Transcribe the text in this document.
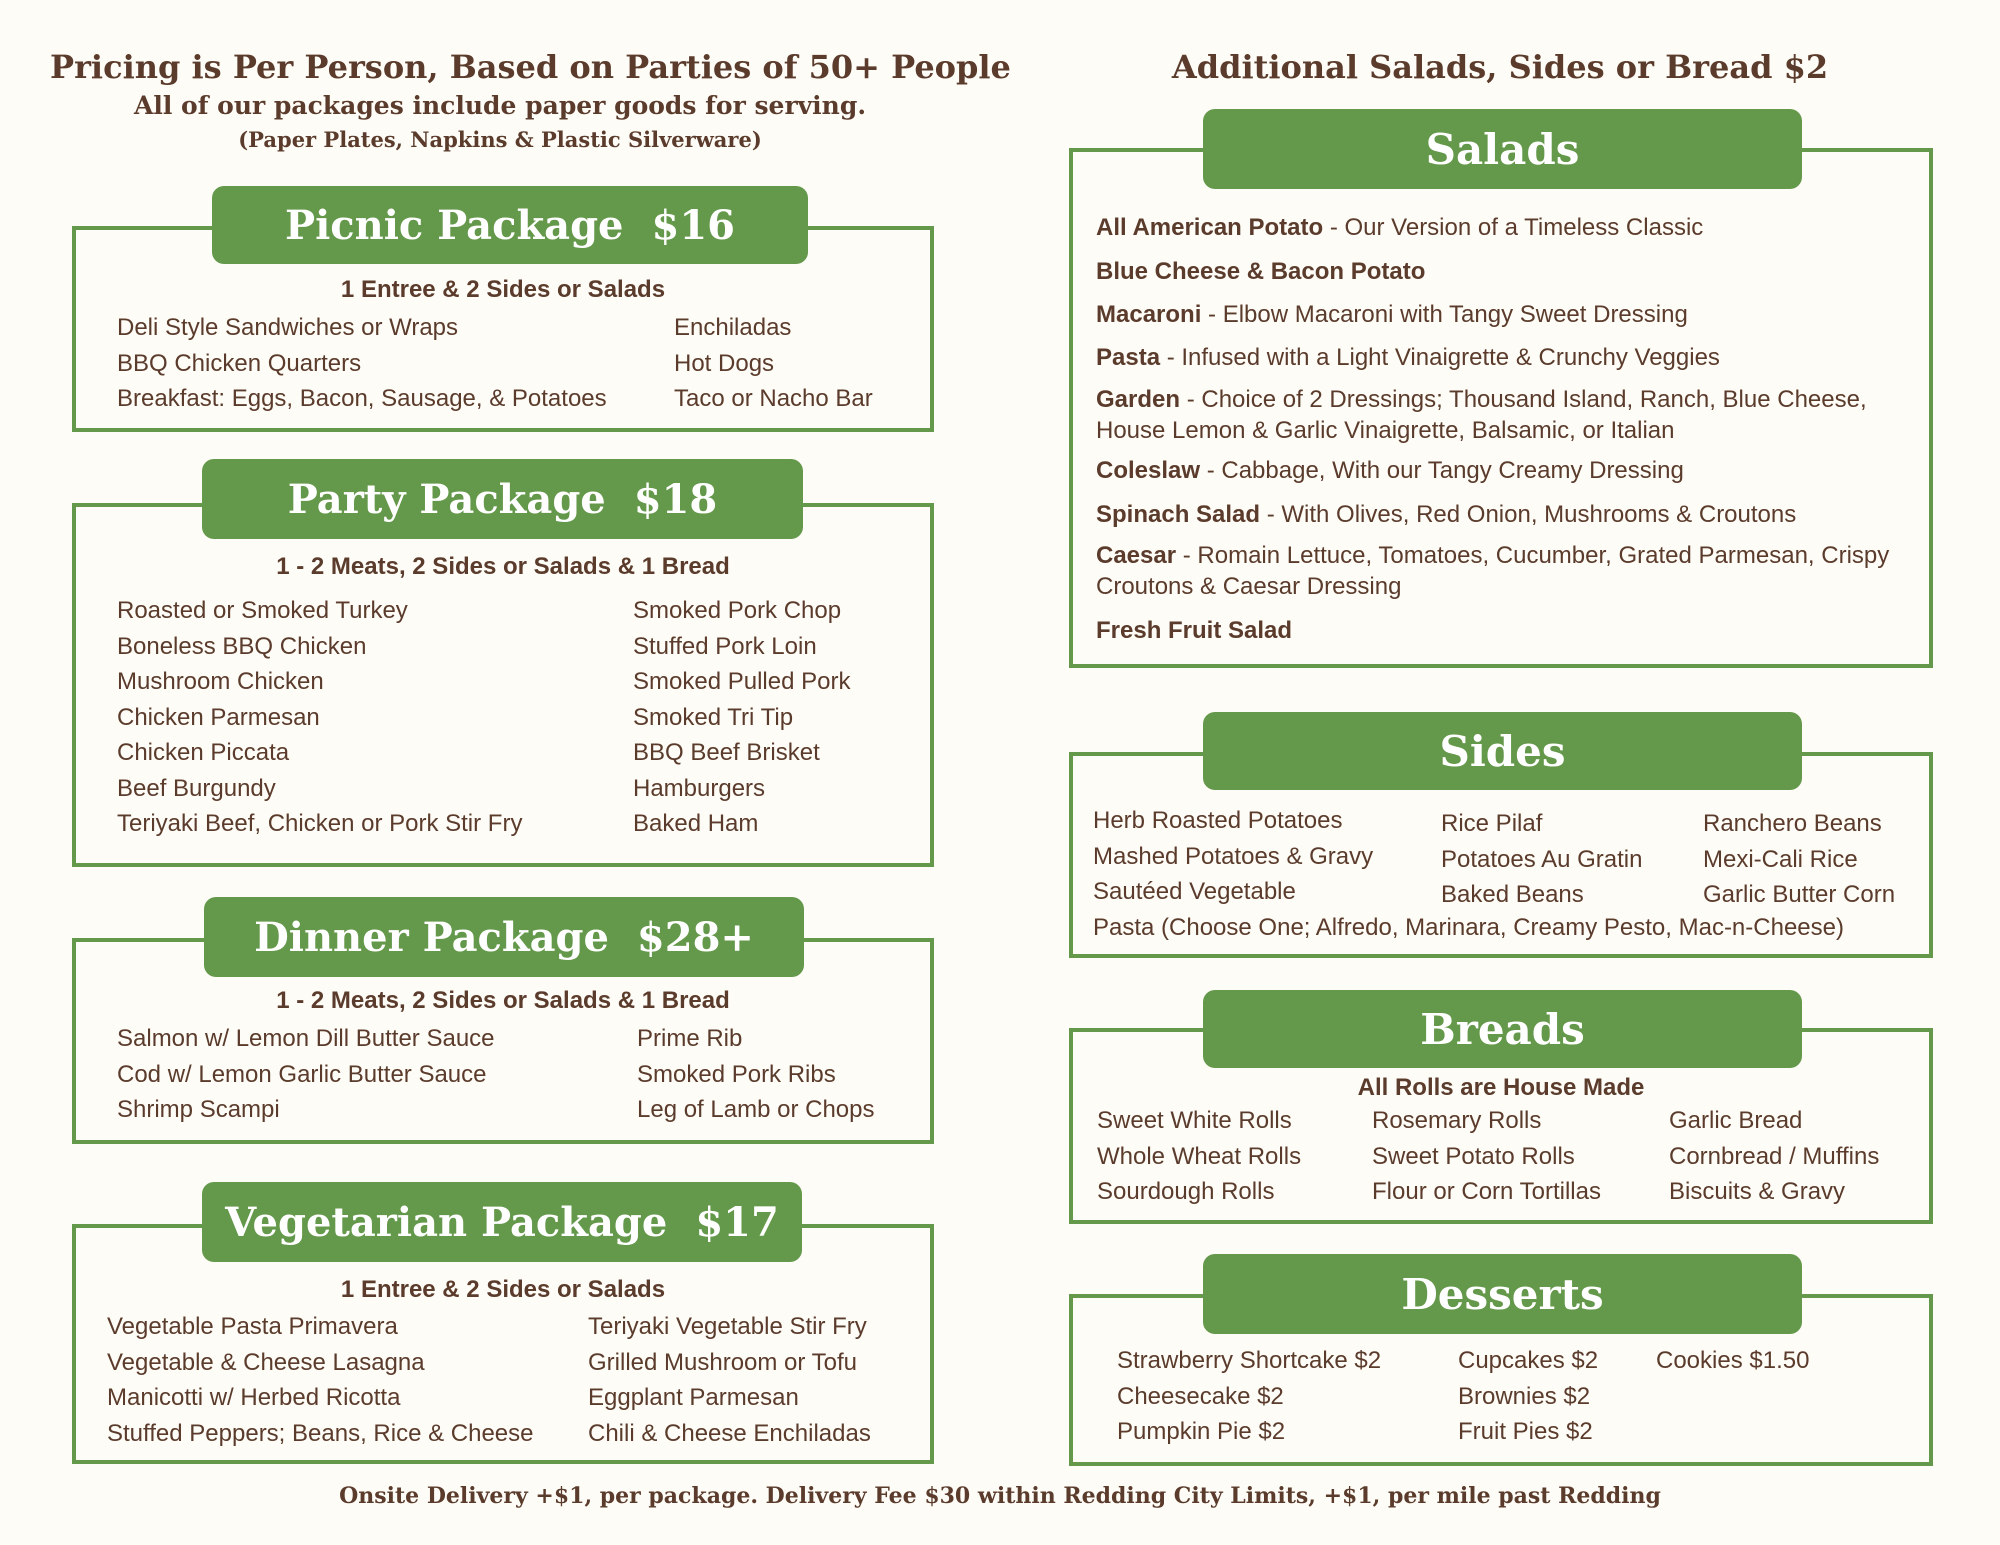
Pricing is Per Person, Based on Parties of 50+ People
All of our packages include paper goods for serving.
(Paper Plates, Napkins & Plastic Silverware)
Additional Salads, Sides or Bread $2
Picnic Package $16
1 Entree & 2 Sides or Salads
Deli Style Sandwiches or Wraps
BBQ Chicken Quarters
Breakfast: Eggs, Bacon, Sausage, & Potatoes
Enchiladas
Hot Dogs
Taco or Nacho Bar
Party Package $18
1 - 2 Meats, 2 Sides or Salads & 1 Bread
Roasted or Smoked Turkey
Boneless BBQ Chicken
Mushroom Chicken
Chicken Parmesan
Chicken Piccata
Beef Burgundy
Teriyaki Beef, Chicken or Pork Stir Fry
Smoked Pork Chop
Stuffed Pork Loin
Smoked Pulled Pork
Smoked Tri Tip
BBQ Beef Brisket
Hamburgers
Baked Ham
Dinner Package $28+
1 - 2 Meats, 2 Sides or Salads & 1 Bread
Salmon w/ Lemon Dill Butter Sauce
Cod w/ Lemon Garlic Butter Sauce
Shrimp Scampi
Prime Rib
Smoked Pork Ribs
Leg of Lamb or Chops
Vegetarian Package $17
1 Entree & 2 Sides or Salads
Vegetable Pasta Primavera
Vegetable & Cheese Lasagna
Manicotti w/ Herbed Ricotta
Stuffed Peppers; Beans, Rice & Cheese
Teriyaki Vegetable Stir Fry
Grilled Mushroom or Tofu
Eggplant Parmesan
Chili & Cheese Enchiladas
Salads
All American Potato - Our Version of a Timeless Classic
Blue Cheese & Bacon Potato
Macaroni - Elbow Macaroni with Tangy Sweet Dressing
Pasta - Infused with a Light Vinaigrette & Crunchy Veggies
Garden - Choice of 2 Dressings; Thousand Island, Ranch, Blue Cheese, House Lemon & Garlic Vinaigrette, Balsamic, or Italian
Coleslaw - Cabbage, With our Tangy Creamy Dressing
Spinach Salad - With Olives, Red Onion, Mushrooms & Croutons
Caesar - Romain Lettuce, Tomatoes, Cucumber, Grated Parmesan, Crispy Croutons & Caesar Dressing
Fresh Fruit Salad
Sides
Herb Roasted Potatoes
Mashed Potatoes & Gravy
Sautéed Vegetable
Rice Pilaf
Potatoes Au Gratin
Baked Beans
Ranchero Beans
Mexi-Cali Rice
Garlic Butter Corn
Pasta (Choose One; Alfredo, Marinara, Creamy Pesto, Mac-n-Cheese)
Breads
All Rolls are House Made
Sweet White Rolls
Whole Wheat Rolls
Sourdough Rolls
Rosemary Rolls
Sweet Potato Rolls
Flour or Corn Tortillas
Garlic Bread
Cornbread / Muffins
Biscuits & Gravy
Desserts
Strawberry Shortcake $2
Cheesecake $2
Pumpkin Pie $2
Cupcakes $2
Brownies $2
Fruit Pies $2
Cookies $1.50
Onsite Delivery +$1, per package. Delivery Fee $30 within Redding City Limits, +$1, per mile past Redding
